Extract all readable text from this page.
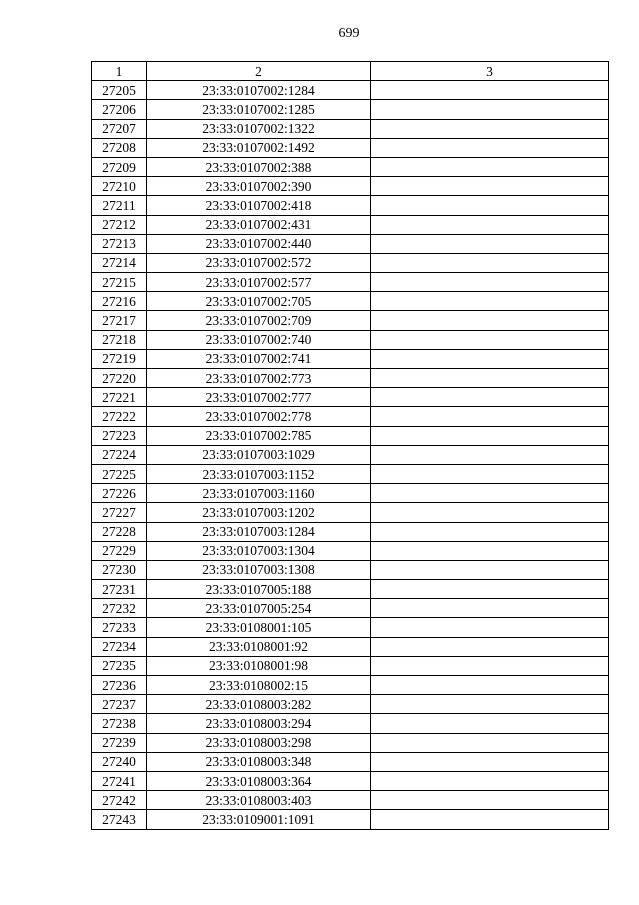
699
1	2	3
27205	23:33:0107002:1284	
27206	23:33:0107002:1285	
27207	23:33:0107002:1322	
27208	23:33:0107002:1492	
27209	23:33:0107002:388	
27210	23:33:0107002:390	
27211	23:33:0107002:418	
27212	23:33:0107002:431	
27213	23:33:0107002:440	
27214	23:33:0107002:572	
27215	23:33:0107002:577	
27216	23:33:0107002:705	
27217	23:33:0107002:709	
27218	23:33:0107002:740	
27219	23:33:0107002:741	
27220	23:33:0107002:773	
27221	23:33:0107002:777	
27222	23:33:0107002:778	
27223	23:33:0107002:785	
27224	23:33:0107003:1029	
27225	23:33:0107003:1152	
27226	23:33:0107003:1160	
27227	23:33:0107003:1202	
27228	23:33:0107003:1284	
27229	23:33:0107003:1304	
27230	23:33:0107003:1308	
27231	23:33:0107005:188	
27232	23:33:0107005:254	
27233	23:33:0108001:105	
27234	23:33:0108001:92	
27235	23:33:0108001:98	
27236	23:33:0108002:15	
27237	23:33:0108003:282	
27238	23:33:0108003:294	
27239	23:33:0108003:298	
27240	23:33:0108003:348	
27241	23:33:0108003:364	
27242	23:33:0108003:403	
27243	23:33:0109001:1091	
